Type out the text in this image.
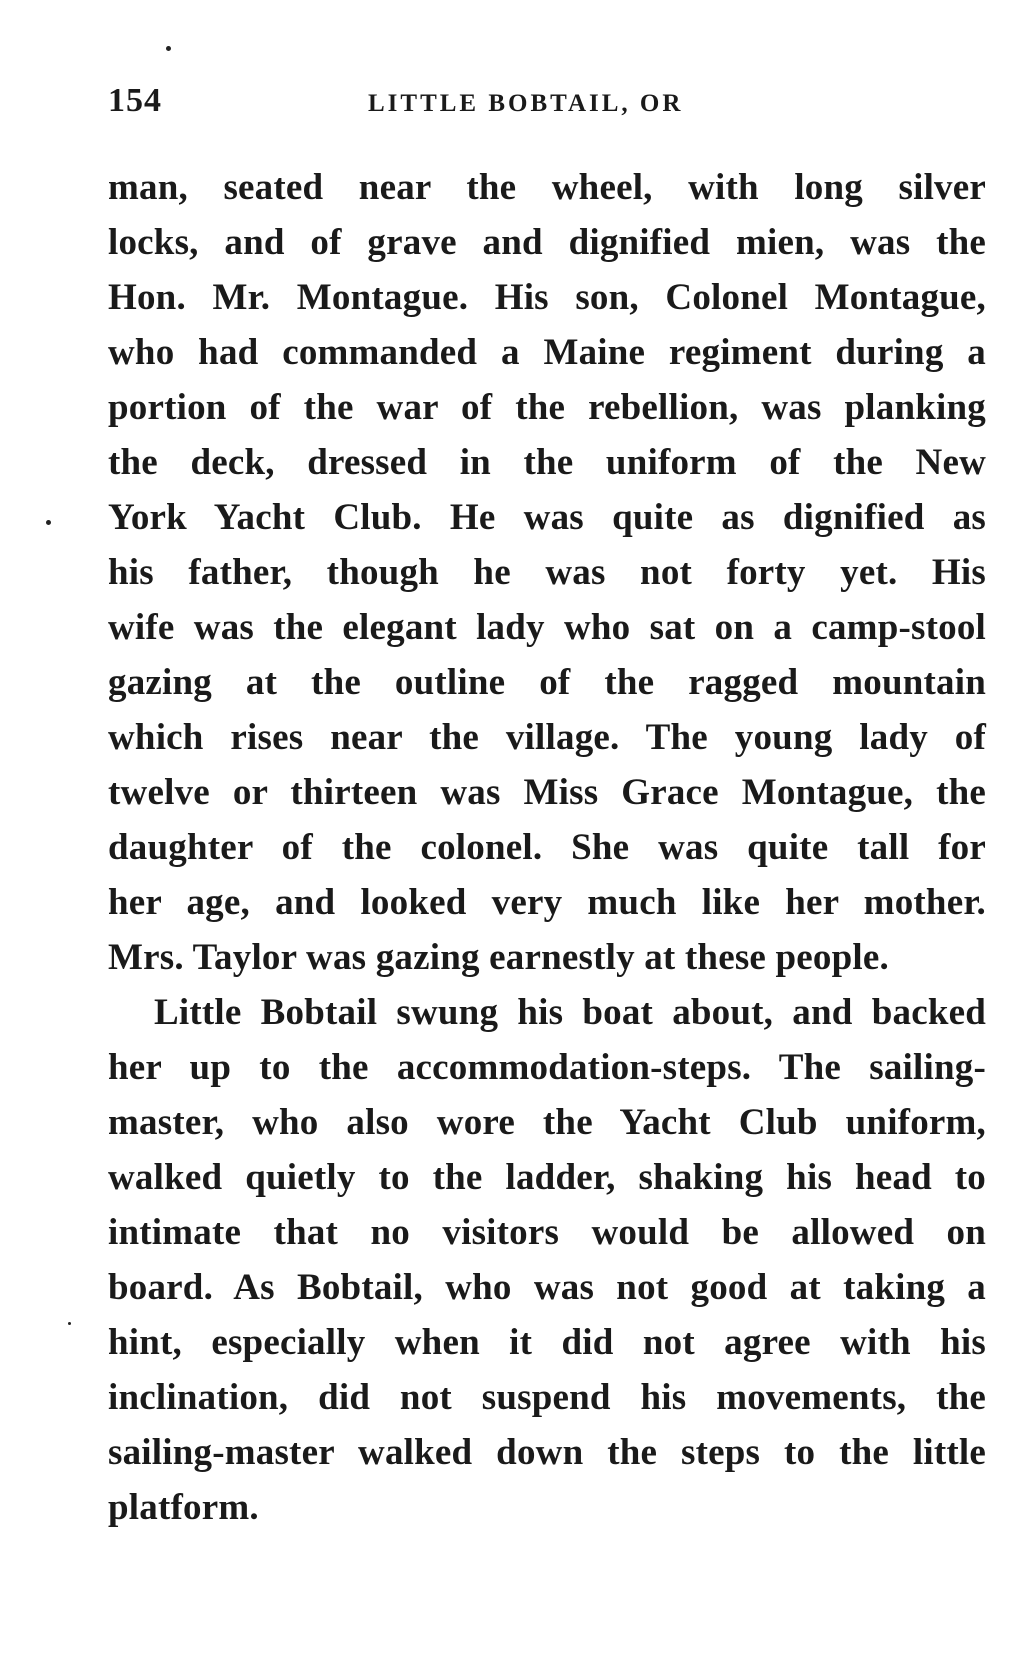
154	LITTLE BOBTAIL, OR
man, seated near the wheel, with long silver
locks, and of grave and dignified mien, was the
Hon. Mr. Montague. His son, Colonel Montague,
who had commanded a Maine regiment during a
portion of the war of the rebellion, was planking
the deck, dressed in the uniform of the New
York Yacht Club. He was quite as dignified as
his father, though he was not forty yet. His
wife was the elegant lady who sat on a camp-stool
gazing at the outline of the ragged mountain
which rises near the village. The young lady of
twelve or thirteen was Miss Grace Montague, the
daughter of the colonel. She was quite tall for
her age, and looked very much like her mother.
Mrs. Taylor was gazing earnestly at these people.
Little Bobtail swung his boat about, and backed
her up to the accommodation-steps. The sailing-
master, who also wore the Yacht Club uniform,
walked quietly to the ladder, shaking his head to
intimate that no visitors would be allowed on
board. As Bobtail, who was not good at taking a
hint, especially when it did not agree with his
inclination, did not suspend his movements, the
sailing-master walked down the steps to the little
platform.
